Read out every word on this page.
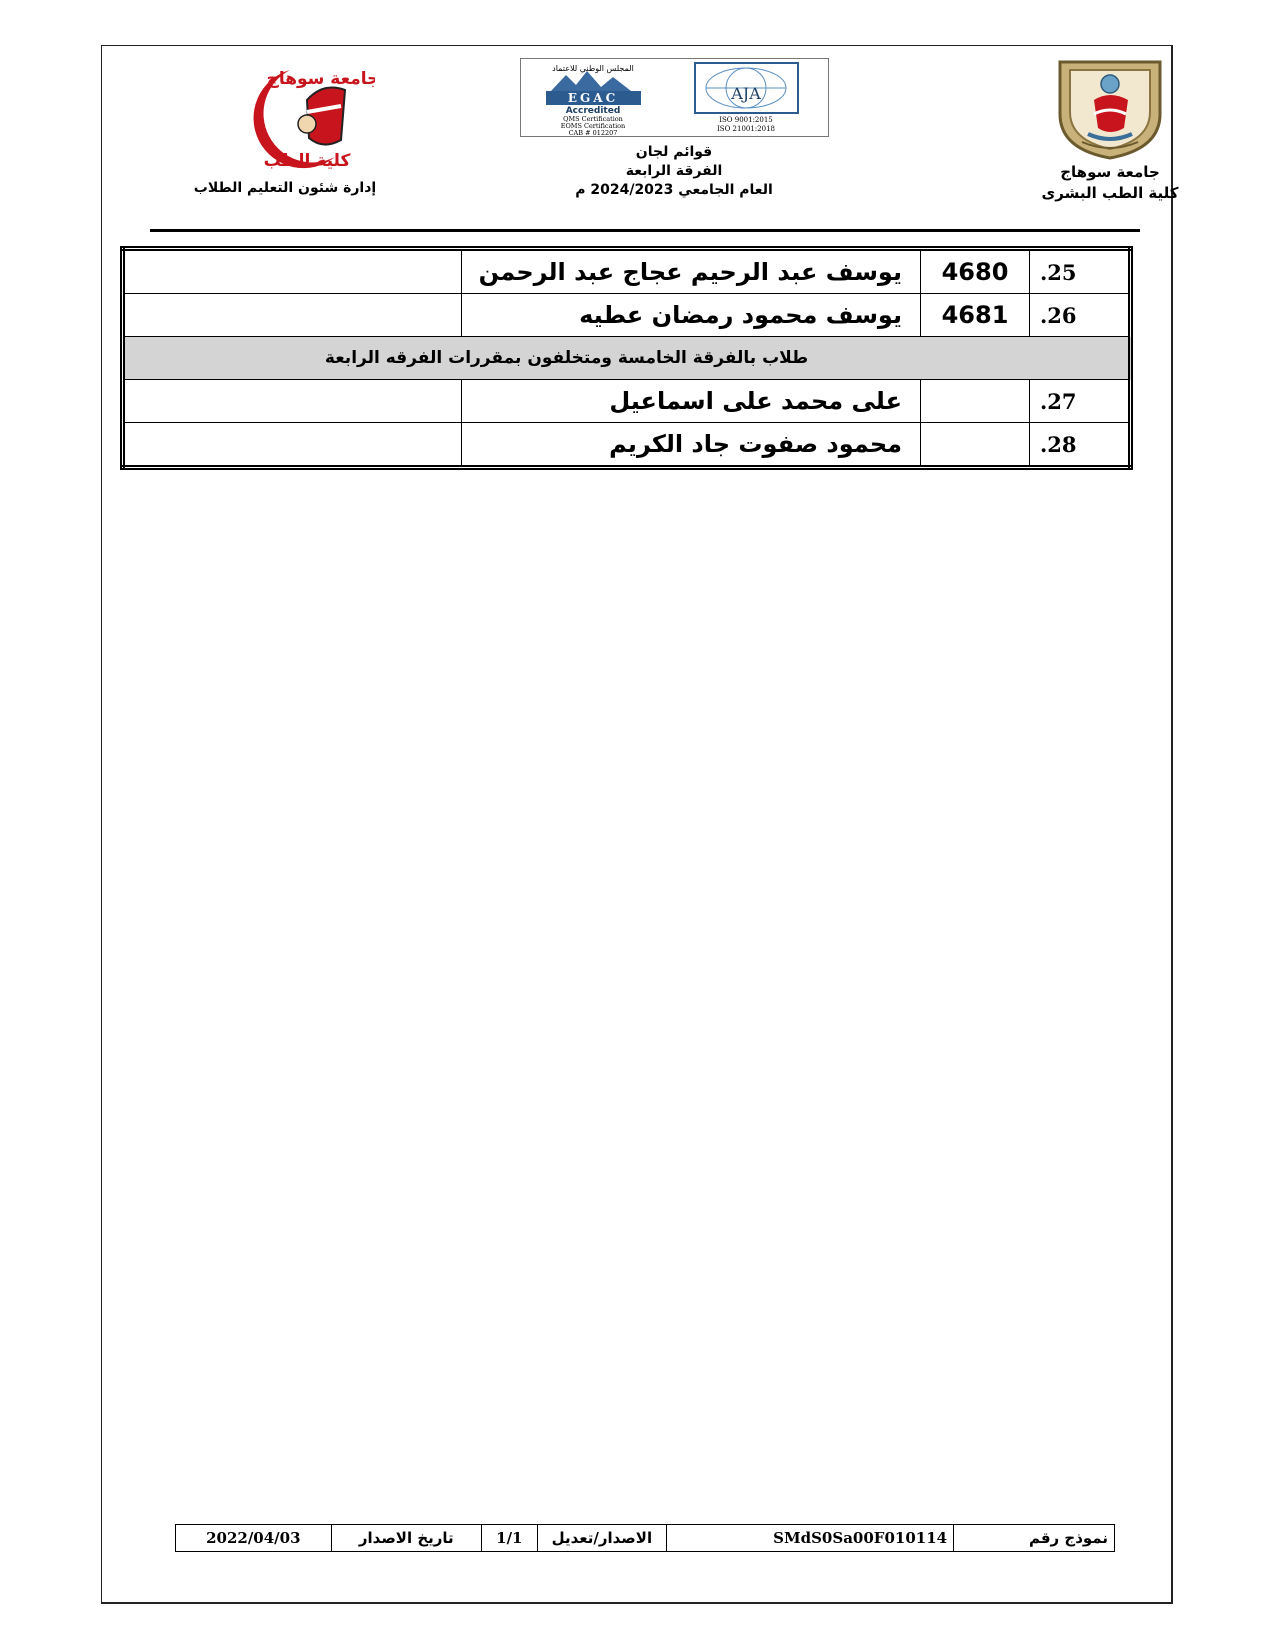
جامعة سوهاج
كلية الطب البشرى
المجلس الوطني للاعتماد
EGAC
Accredited
QMS Certification
EOMS Certification
CAB # 012207
AJA
ISO 9001:2015
ISO 21001:2018
قوائم لجان
الفرقة الرابعة
العام الجامعي 2024/2023 م
جامعة سوهاج
كلية الطب
إدارة شئون التعليم الطلاب
	يوسف عبد الرحيم عجاج عبد الرحمن	4680	.25
	يوسف محمود رمضان عطيه	4681	.26
طلاب بالفرقة الخامسة ومتخلفون بمقررات الفرقه الرابعة			
	على محمد على اسماعيل		.27
	محمود صفوت جاد الكريم		.28
2022/04/03	تاريخ الاصدار	1/1	الاصدار/تعديل	SMdS0Sa00F010114	نموذج رقم
